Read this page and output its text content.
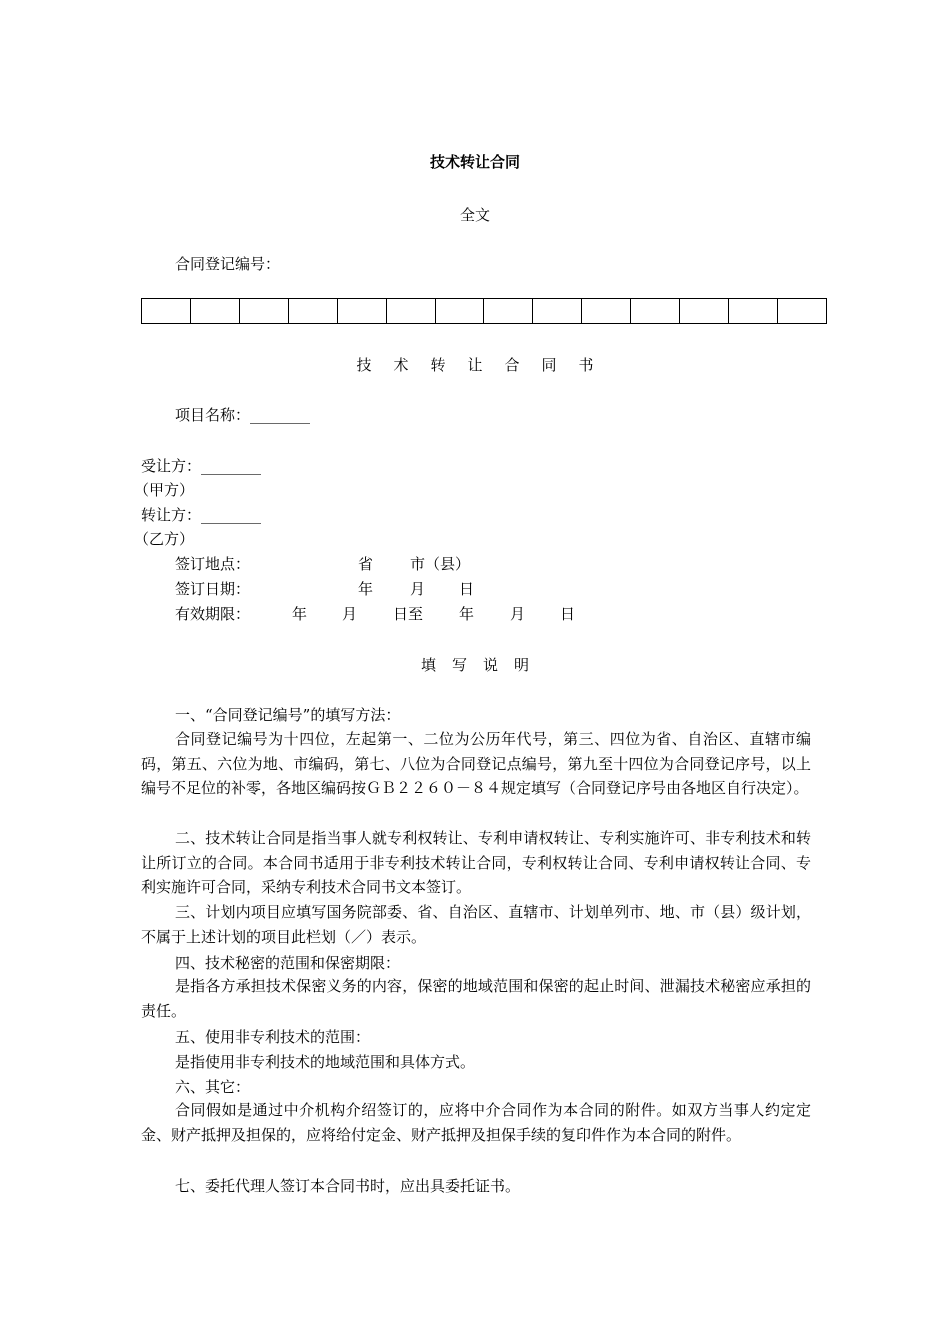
技术转让合同
全文
合同登记编号：
技术转让合同书
项目名称：________
受让方：________
（甲方）
转让方：________
（乙方）
签订地点：	省 市（县）
签订日期：	年 月 日
有效期限：	年 月 日至 年 月 日
填写说明
一、“合同登记编号”的填写方法：
合同登记编号为十四位，左起第一、二位为公历年代号，第三、四位为省、自治区、直辖市编码，第五、六位为地、市编码，第七、八位为合同登记点编号，第九至十四位为合同登记序号，以上编号不足位的补零，各地区编码按ＧＢ２２６０－８４规定填写（合同登记序号由各地区自行决定）。
二、技术转让合同是指当事人就专利权转让、专利申请权转让、专利实施许可、非专利技术和转让所订立的合同。本合同书适用于非专利技术转让合同，专利权转让合同、专利申请权转让合同、专利实施许可合同，采纳专利技术合同书文本签订。
三、计划内项目应填写国务院部委、省、自治区、直辖市、计划单列市、地、市（县）级计划，不属于上述计划的项目此栏划（／）表示。
四、技术秘密的范围和保密期限：
是指各方承担技术保密义务的内容，保密的地域范围和保密的起止时间、泄漏技术秘密应承担的责任。
五、使用非专利技术的范围：
是指使用非专利技术的地域范围和具体方式。
六、其它：
合同假如是通过中介机构介绍签订的，应将中介合同作为本合同的附件。如双方当事人约定定金、财产抵押及担保的，应将给付定金、财产抵押及担保手续的复印件作为本合同的附件。
七、委托代理人签订本合同书时，应出具委托证书。
